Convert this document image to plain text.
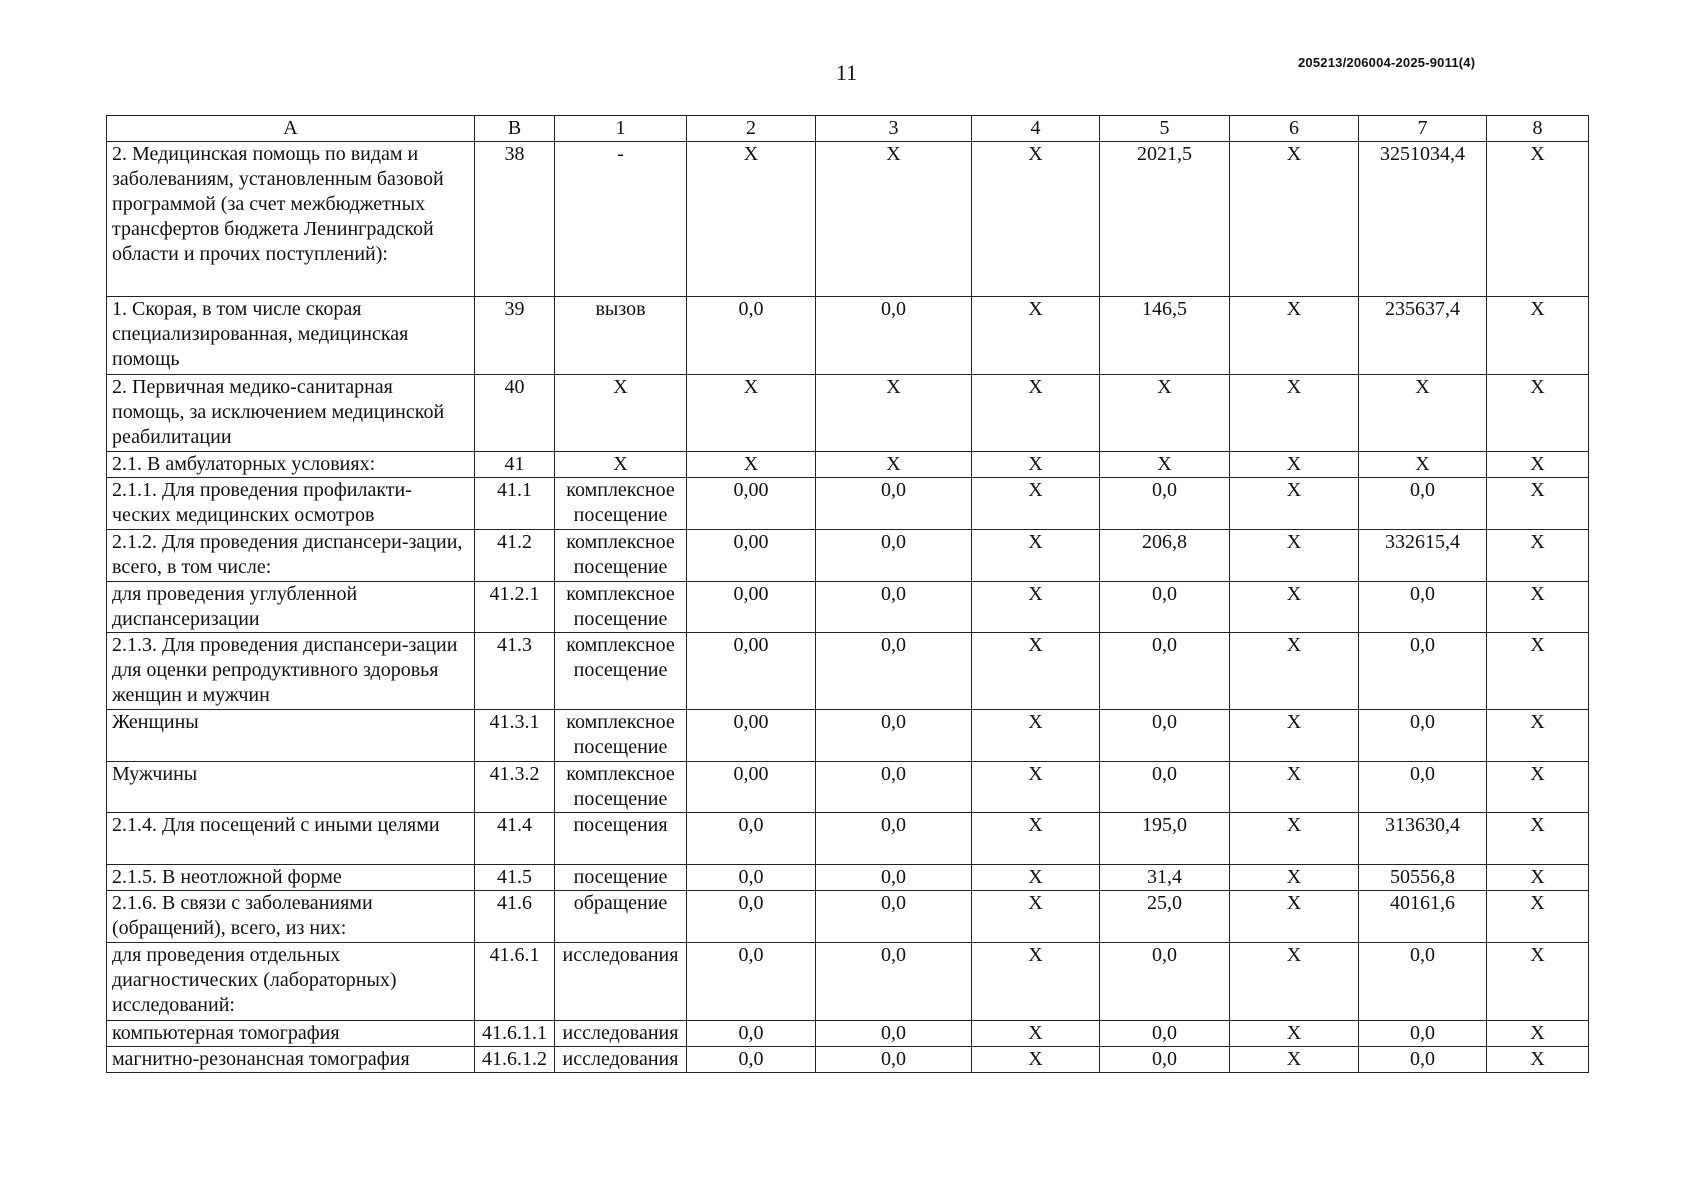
11	205213/206004-2025-9011(4)
A	B	1	2	3	4	5	6	7	8
2. Медицинская помощь по видам и заболеваниям, установленным базовой программой (за счет межбюджетных трансфертов бюджета Ленинградской области и прочих поступлений):	38	-	X	X	X	2021,5	X	3251034,4	X
1. Скорая, в том числе скорая специализированная, медицинская помощь	39	вызов	0,0	0,0	X	146,5	X	235637,4	X
2. Первичная медико-санитарная помощь, за исключением медицинской реабилитации	40	X	X	X	X	X	X	X	X
2.1. В амбулаторных условиях:	41	X	X	X	X	X	X	X	X
2.1.1. Для проведения профилакти-ческих медицинских осмотров	41.1	комплексное посещение	0,00	0,0	X	0,0	X	0,0	X
2.1.2. Для проведения диспансери-зации, всего, в том числе:	41.2	комплексное посещение	0,00	0,0	X	206,8	X	332615,4	X
для проведения углубленной диспансеризации	41.2.1	комплексное посещение	0,00	0,0	X	0,0	X	0,0	X
2.1.3. Для проведения диспансери-зации для оценки репродуктивного здоровья женщин и мужчин	41.3	комплексное посещение	0,00	0,0	X	0,0	X	0,0	X
Женщины	41.3.1	комплексное посещение	0,00	0,0	X	0,0	X	0,0	X
Мужчины	41.3.2	комплексное посещение	0,00	0,0	X	0,0	X	0,0	X
2.1.4. Для посещений с иными целями	41.4	посещения	0,0	0,0	X	195,0	X	313630,4	X
2.1.5. В неотложной форме	41.5	посещение	0,0	0,0	X	31,4	X	50556,8	X
2.1.6. В связи с заболеваниями (обращений), всего, из них:	41.6	обращение	0,0	0,0	X	25,0	X	40161,6	X
для проведения отдельных диагностических (лабораторных) исследований:	41.6.1	исследования	0,0	0,0	X	0,0	X	0,0	X
компьютерная томография	41.6.1.1	исследования	0,0	0,0	X	0,0	X	0,0	X
магнитно-резонансная томография	41.6.1.2	исследования	0,0	0,0	X	0,0	X	0,0	X
